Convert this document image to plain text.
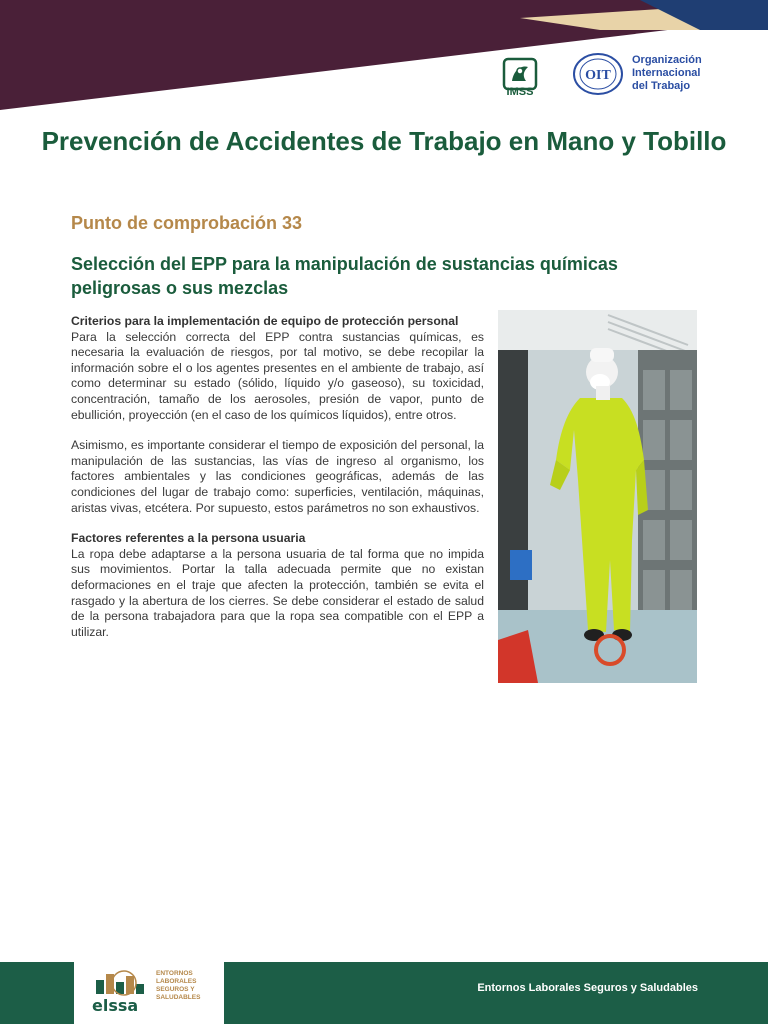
IMSS
OIT
Organización
Internacional
del Trabajo
Prevención de Accidentes de Trabajo en Mano y Tobillo
Punto de comprobación 33
Selección del EPP para la manipulación de sustancias químicas peligrosas o sus mezclas
Criterios para la implementación de equipo de protección personal

Para la selección correcta del EPP contra sustancias químicas, es necesaria la evaluación de riesgos, por tal motivo, se debe recopilar la información sobre el o los agentes presentes en el ambiente de trabajo, así como determinar su estado (sólido, líquido y/o gaseoso), su toxicidad, concentración, tamaño de los aerosoles, presión de vapor, punto de ebullición, proyección (en el caso de los químicos líquidos), entre otros.

Asimismo, es importante considerar el tiempo de exposición del personal, la manipulación de las sustancias, las vías de ingreso al organismo, los factores ambientales y las condiciones geográficas, además de las condiciones del lugar de trabajo como: superficies, ventilación, máquinas, aristas vivas, etcétera. Por supuesto, estos parámetros no son exhaustivos.

Factores referentes a la persona usuaria

La ropa debe adaptarse a la persona usuaria de tal forma que no impida sus movimientos. Portar la talla adecuada permite que no existan deformaciones en el traje que afecten la protección, también se evita el rasgado y la abertura de los cierres. Se debe considerar el estado de salud de la persona trabajadora para que la ropa sea compatible con el EPP a utilizar.

elssa
ENTORNOS
LABORALES
SEGUROS Y
SALUDABLES
Entornos Laborales Seguros y Saludables
